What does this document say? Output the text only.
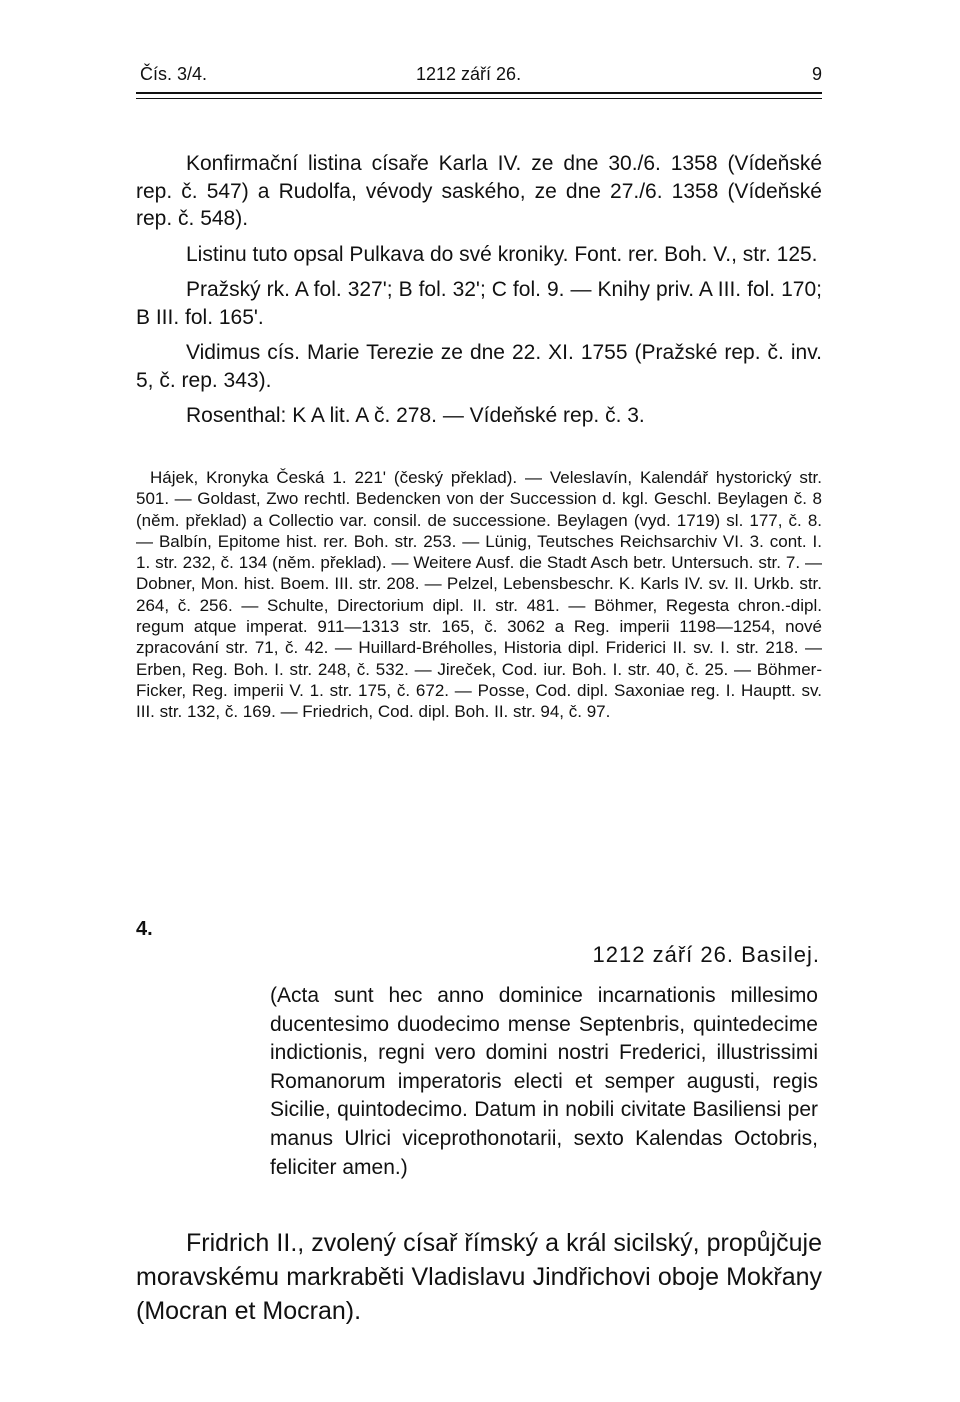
Čís. 3/4.	1212 září 26.	9

Konfirmační listina císaře Karla IV. ze dne 30./6. 1358 (Vídeňské rep. č. 547) a Rudolfa, vévody saského, ze dne 27./6. 1358 (Vídeňské rep. č. 548).

Listinu tuto opsal Pulkava do své kroniky. Font. rer. Boh. V., str. 125.

Pražský rk. A fol. 327'; B fol. 32'; C fol. 9. — Knihy priv. A III. fol. 170; B III. fol. 165'.

Vidimus cís. Marie Terezie ze dne 22. XI. 1755 (Pražské rep. č. inv. 5, č. rep. 343).

Rosenthal: K A lit. A č. 278. — Vídeňské rep. č. 3.

Hájek, Kronyka Česká 1. 221' (český překlad). — Veleslavín, Kalendář hystorický str. 501. — Goldast, Zwo rechtl. Bedencken von der Succession d. kgl. Geschl. Beylagen č. 8 (něm. překlad) a Collectio var. consil. de successione. Beylagen (vyd. 1719) sl. 177, č. 8. — Balbín, Epitome hist. rer. Boh. str. 253. — Lünig, Teutsches Reichsarchiv VI. 3. cont. I. 1. str. 232, č. 134 (něm. překlad). — Weitere Ausf. die Stadt Asch betr. Untersuch. str. 7. — Dobner, Mon. hist. Boem. III. str. 208. — Pelzel, Lebensbeschr. K. Karls IV. sv. II. Urkb. str. 264, č. 256. — Schulte, Directorium dipl. II. str. 481. — Böhmer, Regesta chron.-dipl. regum atque imperat. 911—1313 str. 165, č. 3062 a Reg. imperii 1198—1254, nové zpracování str. 71, č. 42. — Huillard-Bréholles, Historia dipl. Friderici II. sv. I. str. 218. — Erben, Reg. Boh. I. str. 248, č. 532. — Jireček, Cod. iur. Boh. I. str. 40, č. 25. — Böhmer-Ficker, Reg. imperii V. 1. str. 175, č. 672. — Posse, Cod. dipl. Saxoniae reg. I. Hauptt. sv. III. str. 132, č. 169. — Friedrich, Cod. dipl. Boh. II. str. 94, č. 97.

4.
1212 září 26. Basilej.

(Acta sunt hec anno dominice incarnationis millesimo ducentesimo duodecimo mense Septenbris, quintedecime indictionis, regni vero domini nostri Frederici, illustrissimi Romanorum imperatoris electi et semper augusti, regis Sicilie, quintodecimo. Datum in nobili civitate Basiliensi per manus Ulrici viceprothonotarii, sexto Kalendas Octobris, feliciter amen.)

Fridrich II., zvolený císař římský a král sicilský, propůjčuje moravskému markraběti Vladislavu Jindřichovi oboje Mokřany (Mocran et Mocran).
